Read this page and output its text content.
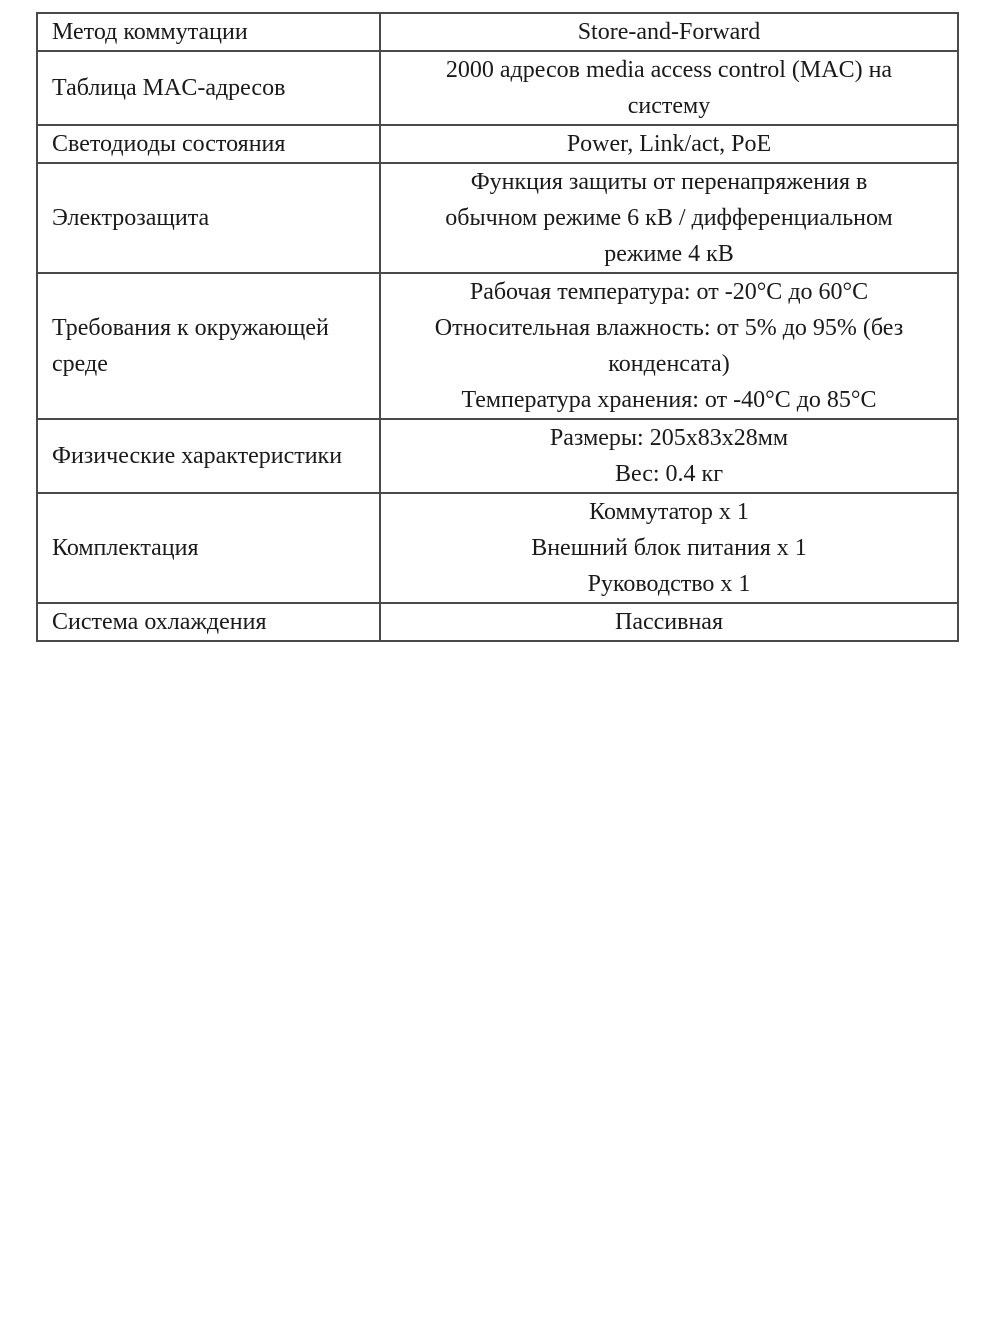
Метод коммутации	Store-and-Forward

Таблица MAC-адресов	2000 адресов media access control (MAC) на
систему

Светодиоды состояния	Power, Link/act, PoE

Электрозащита	Функция защиты от перенапряжения в
обычном режиме 6 кВ / дифференциальном
режиме 4 кВ

Требования к окружающей среде	Рабочая температура: от -20°C до 60°C
Относительная влажность: от 5% до 95% (без
конденсата)
Температура хранения: от -40°C до 85°C

Физические характеристики	Размеры: 205x83x28мм
Вес: 0.4 кг

Комплектация	Коммутатор х 1
Внешний блок питания х 1
Руководство х 1

Система охлаждения	Пассивная
